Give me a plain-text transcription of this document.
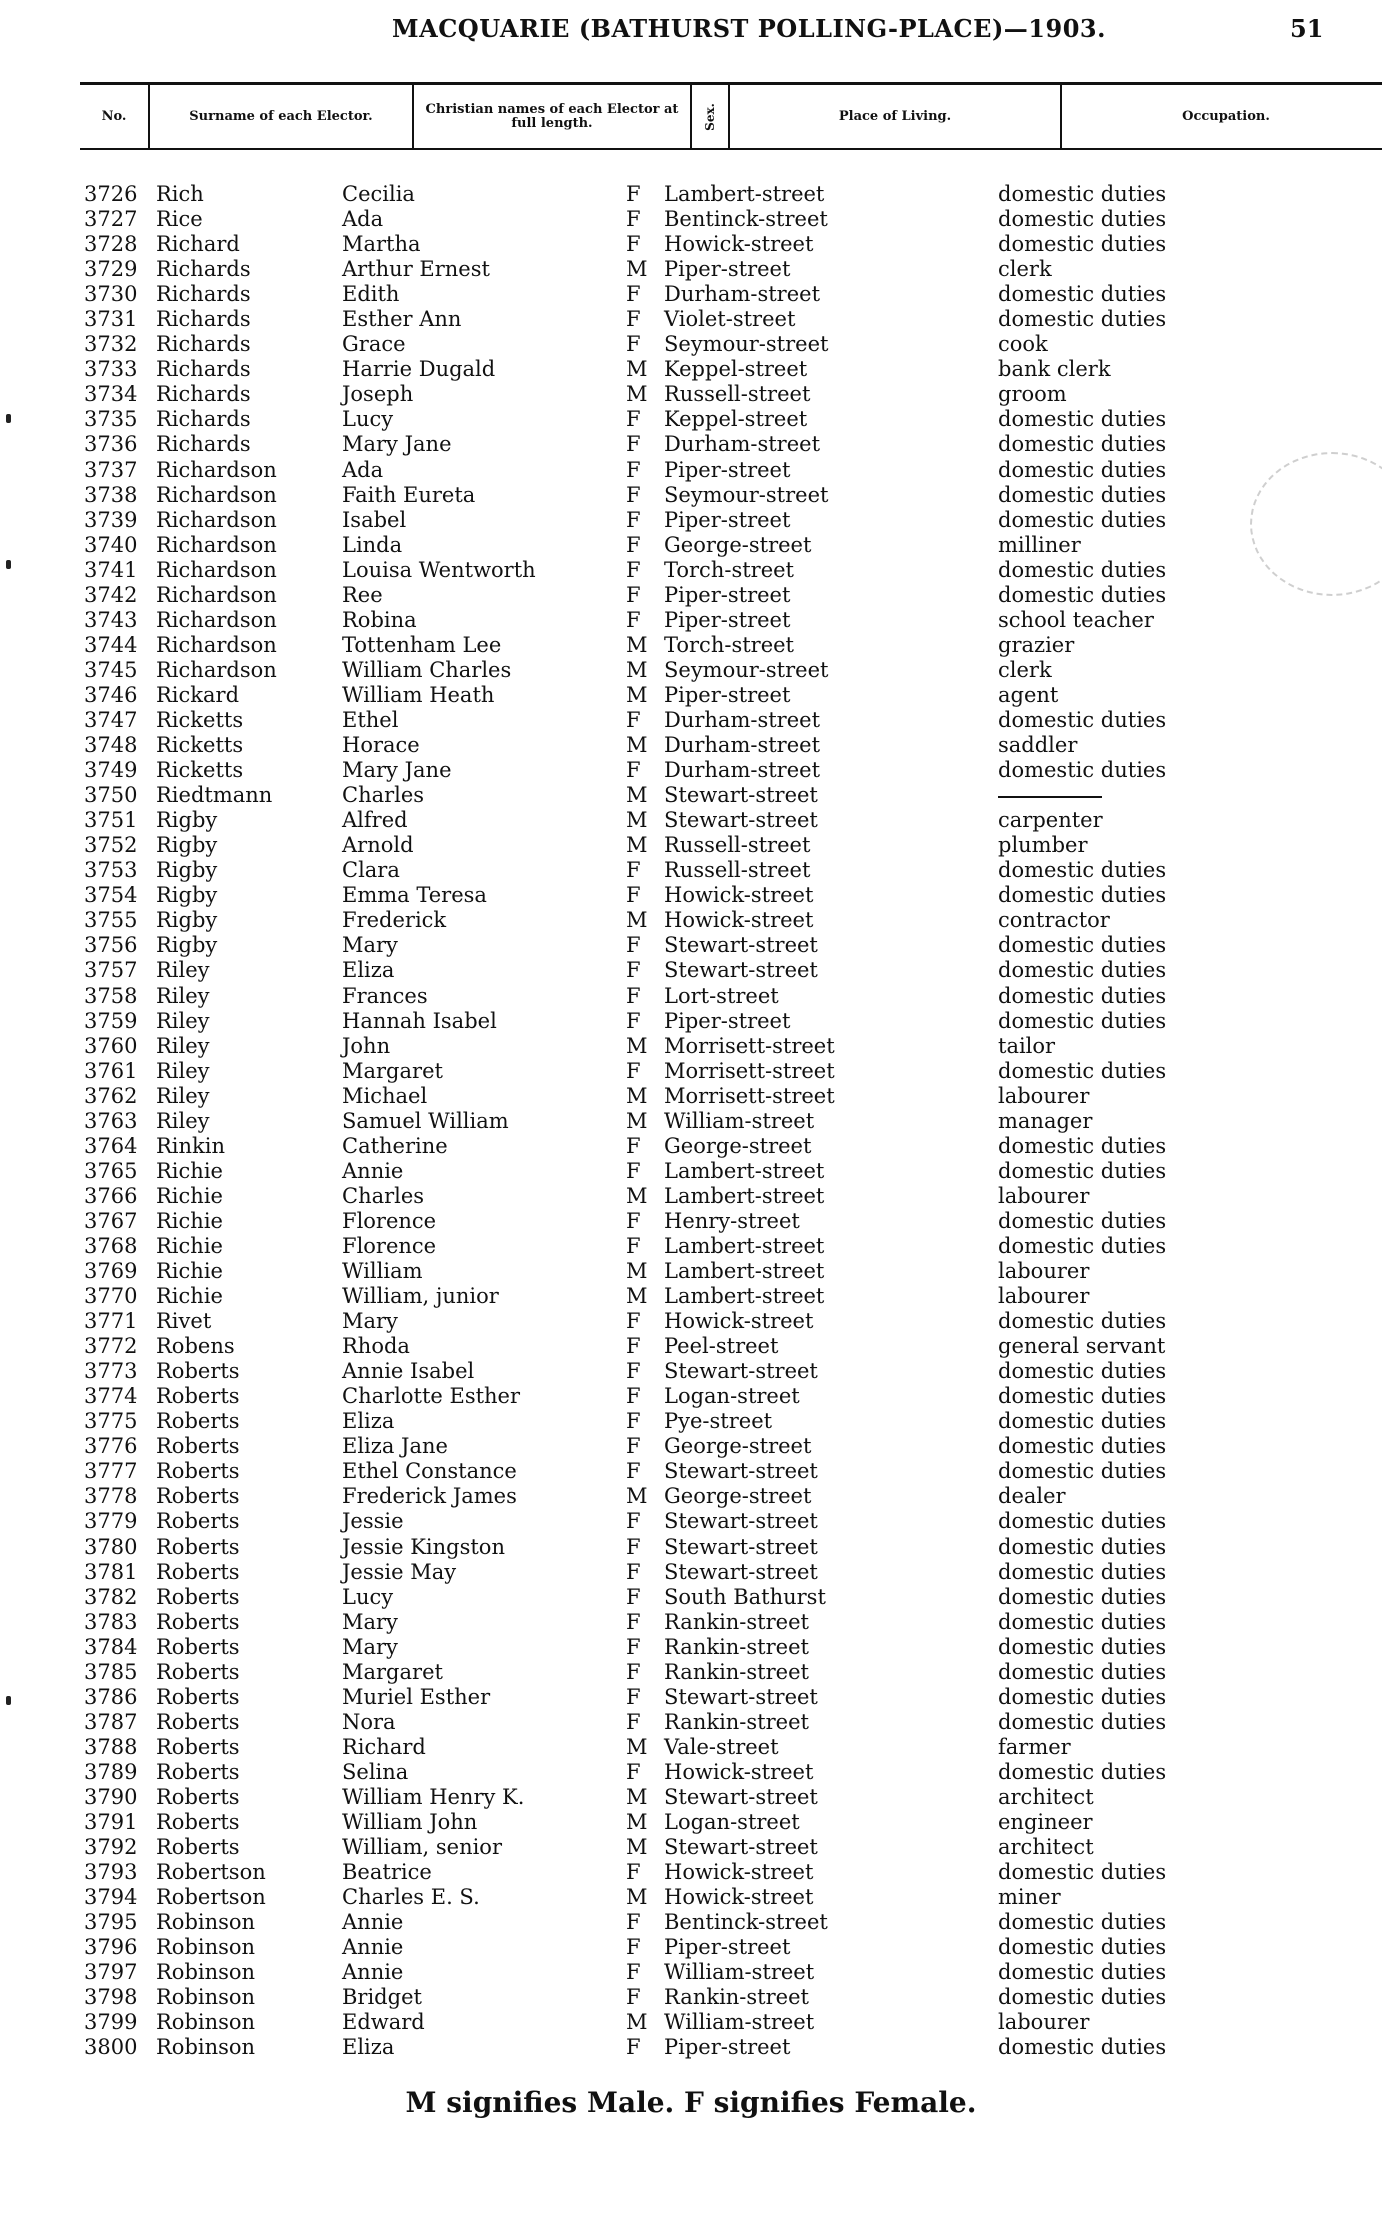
MACQUARIE (BATHURST POLLING-PLACE)—1903.	51
No.	Surname of each Elector.	Christian names of each Elector at full length.	Sex.	Place of Living.	Occupation.
3726 Rich	Cecilia	F Lambert-street	domestic duties
3727 Rice	Ada	F Bentinck-street	domestic duties
3728 Richard	Martha	F Howick-street	domestic duties
3729 Richards	Arthur Ernest	M Piper-street	clerk
3730 Richards	Edith	F Durham-street	domestic duties
3731 Richards	Esther Ann	F Violet-street	domestic duties
3732 Richards	Grace	F Seymour-street	cook
3733 Richards	Harrie Dugald	M Keppel-street	bank clerk
3734 Richards	Joseph	M Russell-street	groom
3735 Richards	Lucy	F Keppel-street	domestic duties
3736 Richards	Mary Jane	F Durham-street	domestic duties
3737 Richardson	Ada	F Piper-street	domestic duties
3738 Richardson	Faith Eureta	F Seymour-street	domestic duties
3739 Richardson	Isabel	F Piper-street	domestic duties
3740 Richardson	Linda	F George-street	milliner
3741 Richardson	Louisa Wentworth	F Torch-street	domestic duties
3742 Richardson	Ree	F Piper-street	domestic duties
3743 Richardson	Robina	F Piper-street	school teacher
3744 Richardson	Tottenham Lee	M Torch-street	grazier
3745 Richardson	William Charles	M Seymour-street	clerk
3746 Rickard	William Heath	M Piper-street	agent
3747 Ricketts	Ethel	F Durham-street	domestic duties
3748 Ricketts	Horace	M Durham-street	saddler
3749 Ricketts	Mary Jane	F Durham-street	domestic duties
3750 Riedtmann	Charles	M Stewart-street
3751 Rigby	Alfred	M Stewart-street	carpenter
3752 Rigby	Arnold	M Russell-street	plumber
3753 Rigby	Clara	F Russell-street	domestic duties
3754 Rigby	Emma Teresa	F Howick-street	domestic duties
3755 Rigby	Frederick	M Howick-street	contractor
3756 Rigby	Mary	F Stewart-street	domestic duties
3757 Riley	Eliza	F Stewart-street	domestic duties
3758 Riley	Frances	F Lort-street	domestic duties
3759 Riley	Hannah Isabel	F Piper-street	domestic duties
3760 Riley	John	M Morrisett-street	tailor
3761 Riley	Margaret	F Morrisett-street	domestic duties
3762 Riley	Michael	M Morrisett-street	labourer
3763 Riley	Samuel William	M William-street	manager
3764 Rinkin	Catherine	F George-street	domestic duties
3765 Richie	Annie	F Lambert-street	domestic duties
3766 Richie	Charles	M Lambert-street	labourer
3767 Richie	Florence	F Henry-street	domestic duties
3768 Richie	Florence	F Lambert-street	domestic duties
3769 Richie	William	M Lambert-street	labourer
3770 Richie	William, junior	M Lambert-street	labourer
3771 Rivet	Mary	F Howick-street	domestic duties
3772 Robens	Rhoda	F Peel-street	general servant
3773 Roberts	Annie Isabel	F Stewart-street	domestic duties
3774 Roberts	Charlotte Esther	F Logan-street	domestic duties
3775 Roberts	Eliza	F Pye-street	domestic duties
3776 Roberts	Eliza Jane	F George-street	domestic duties
3777 Roberts	Ethel Constance	F Stewart-street	domestic duties
3778 Roberts	Frederick James	M George-street	dealer
3779 Roberts	Jessie	F Stewart-street	domestic duties
3780 Roberts	Jessie Kingston	F Stewart-street	domestic duties
3781 Roberts	Jessie May	F Stewart-street	domestic duties
3782 Roberts	Lucy	F South Bathurst	domestic duties
3783 Roberts	Mary	F Rankin-street	domestic duties
3784 Roberts	Mary	F Rankin-street	domestic duties
3785 Roberts	Margaret	F Rankin-street	domestic duties
3786 Roberts	Muriel Esther	F Stewart-street	domestic duties
3787 Roberts	Nora	F Rankin-street	domestic duties
3788 Roberts	Richard	M Vale-street	farmer
3789 Roberts	Selina	F Howick-street	domestic duties
3790 Roberts	William Henry K.	M Stewart-street	architect
3791 Roberts	William John	M Logan-street	engineer
3792 Roberts	William, senior	M Stewart-street	architect
3793 Robertson	Beatrice	F Howick-street	domestic duties
3794 Robertson	Charles E. S.	M Howick-street	miner
3795 Robinson	Annie	F Bentinck-street	domestic duties
3796 Robinson	Annie	F Piper-street	domestic duties
3797 Robinson	Annie	F William-street	domestic duties
3798 Robinson	Bridget	F Rankin-street	domestic duties
3799 Robinson	Edward	M William-street	labourer
3800 Robinson	Eliza	F Piper-street	domestic duties
M signifies Male. F signifies Female.
